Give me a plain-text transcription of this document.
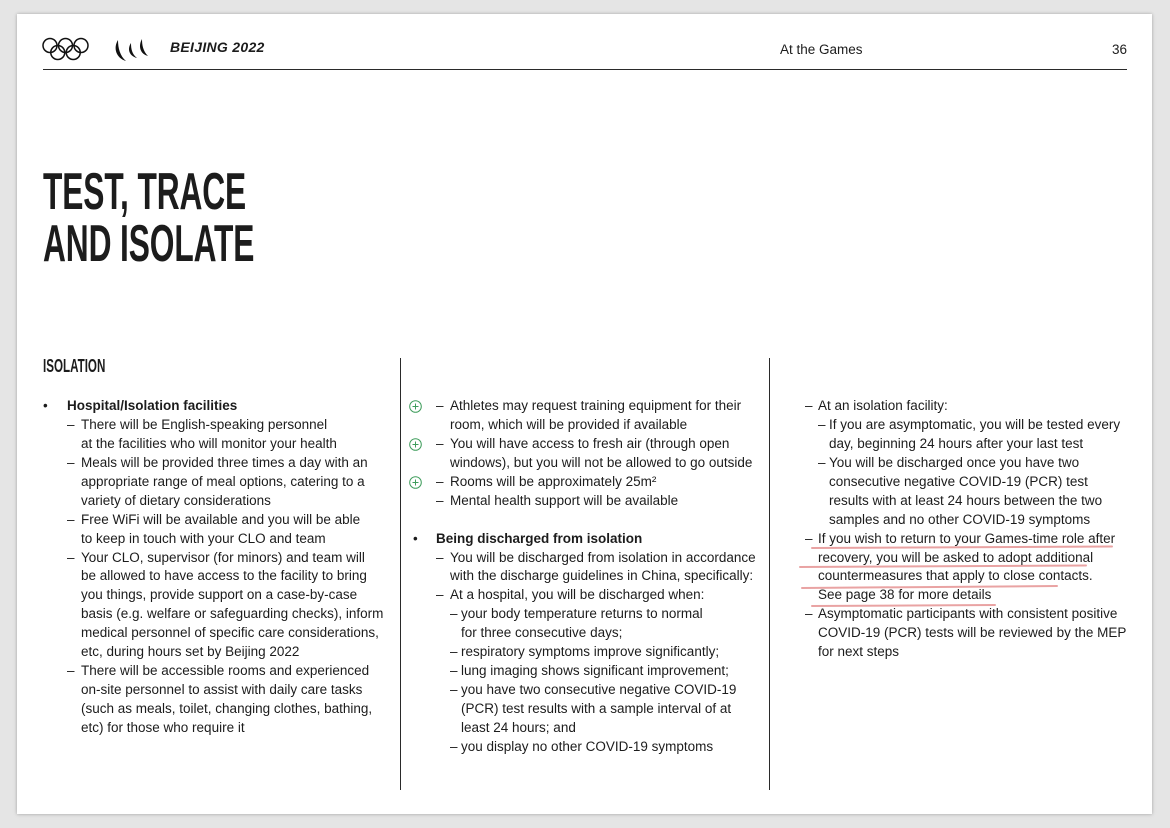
BEIJING 2022	At the Games	36
TEST, TRACE
AND ISOLATE
ISOLATION
• Hospital/Isolation facilities
– There will be English-speaking personnel
at the facilities who will monitor your health
– Meals will be provided three times a day with an
appropriate range of meal options, catering to a
variety of dietary considerations
– Free WiFi will be available and you will be able
to keep in touch with your CLO and team
– Your CLO, supervisor (for minors) and team will
be allowed to have access to the facility to bring
you things, provide support on a case-by-case
basis (e.g. welfare or safeguarding checks), inform
medical personnel of specific care considerations,
etc, during hours set by Beijing 2022
– There will be accessible rooms and experienced
on-site personnel to assist with daily care tasks
(such as meals, toilet, changing clothes, bathing,
etc) for those who require it
– Athletes may request training equipment for their
room, which will be provided if available
– You will have access to fresh air (through open
windows), but you will not be allowed to go outside
– Rooms will be approximately 25m²
– Mental health support will be available
• Being discharged from isolation
– You will be discharged from isolation in accordance
with the discharge guidelines in China, specifically:
– At a hospital, you will be discharged when:
– your body temperature returns to normal
for three consecutive days;
– respiratory symptoms improve significantly;
– lung imaging shows significant improvement;
– you have two consecutive negative COVID-19
(PCR) test results with a sample interval of at
least 24 hours; and
– you display no other COVID-19 symptoms
– At an isolation facility:
– If you are asymptomatic, you will be tested every
day, beginning 24 hours after your last test
– You will be discharged once you have two
consecutive negative COVID-19 (PCR) test
results with at least 24 hours between the two
samples and no other COVID-19 symptoms
– If you wish to return to your Games-time role after
recovery, you will be asked to adopt additional
countermeasures that apply to close contacts.
See page 38 for more details
– Asymptomatic participants with consistent positive
COVID-19 (PCR) tests will be reviewed by the MEP
for next steps
